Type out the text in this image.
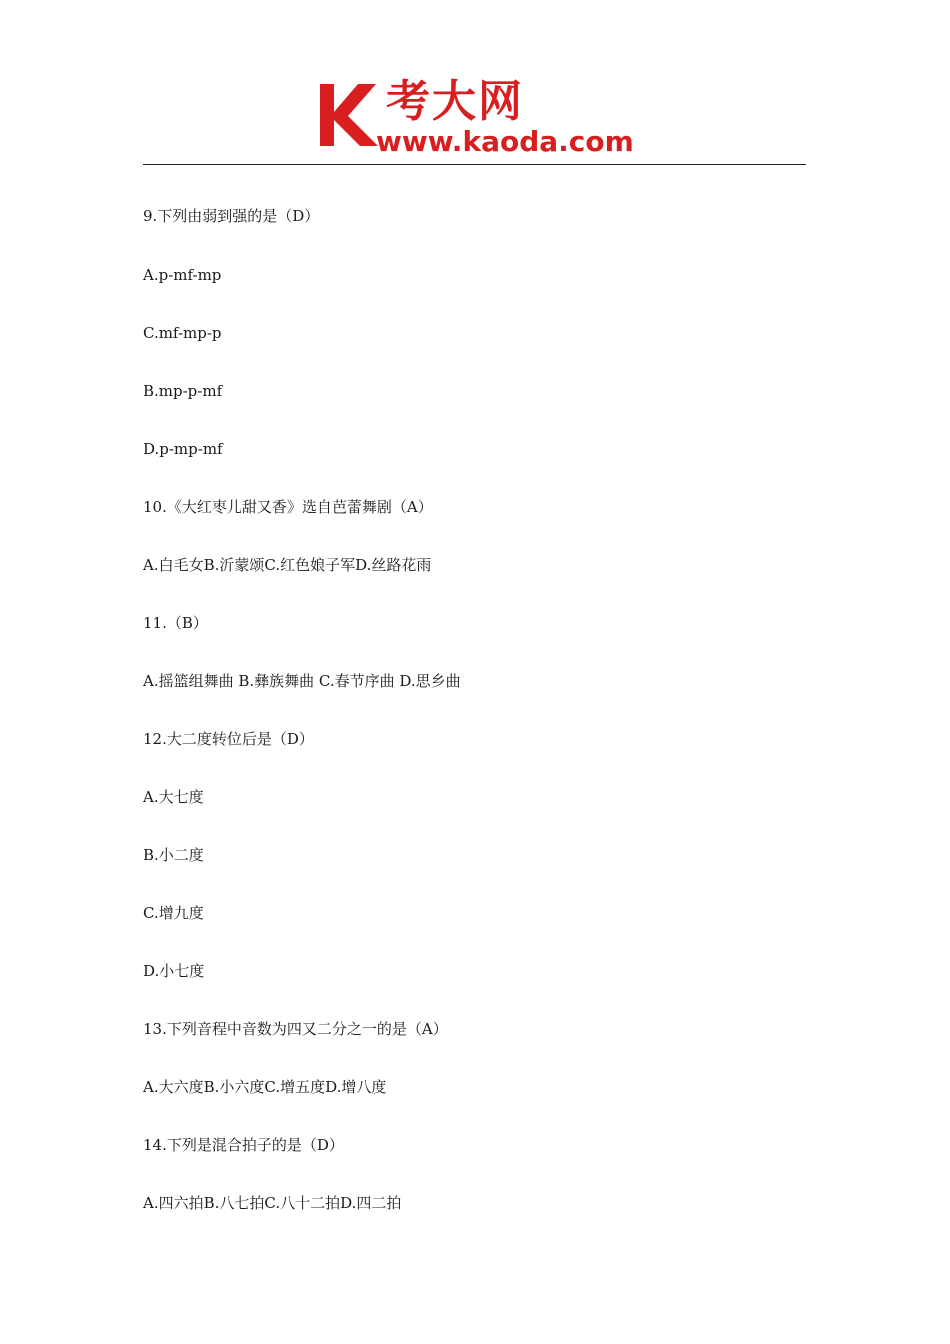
考大网
www.kaoda.com
9.下列由弱到强的是（D）
A.p-mf-mp
C.mf-mp-p
B.mp-p-mf
D.p-mp-mf
10.《大红枣儿甜又香》选自芭蕾舞剧（A）
A.白毛女B.沂蒙颂C.红色娘子军D.丝路花雨
11.（B）
A.摇篮组舞曲 B.彝族舞曲 C.春节序曲 D.思乡曲
12.大二度转位后是（D）
A.大七度
B.小二度
C.增九度
D.小七度
13.下列音程中音数为四又二分之一的是（A）
A.大六度B.小六度C.增五度D.增八度
14.下列是混合拍子的是（D）
A.四六拍B.八七拍C.八十二拍D.四二拍
